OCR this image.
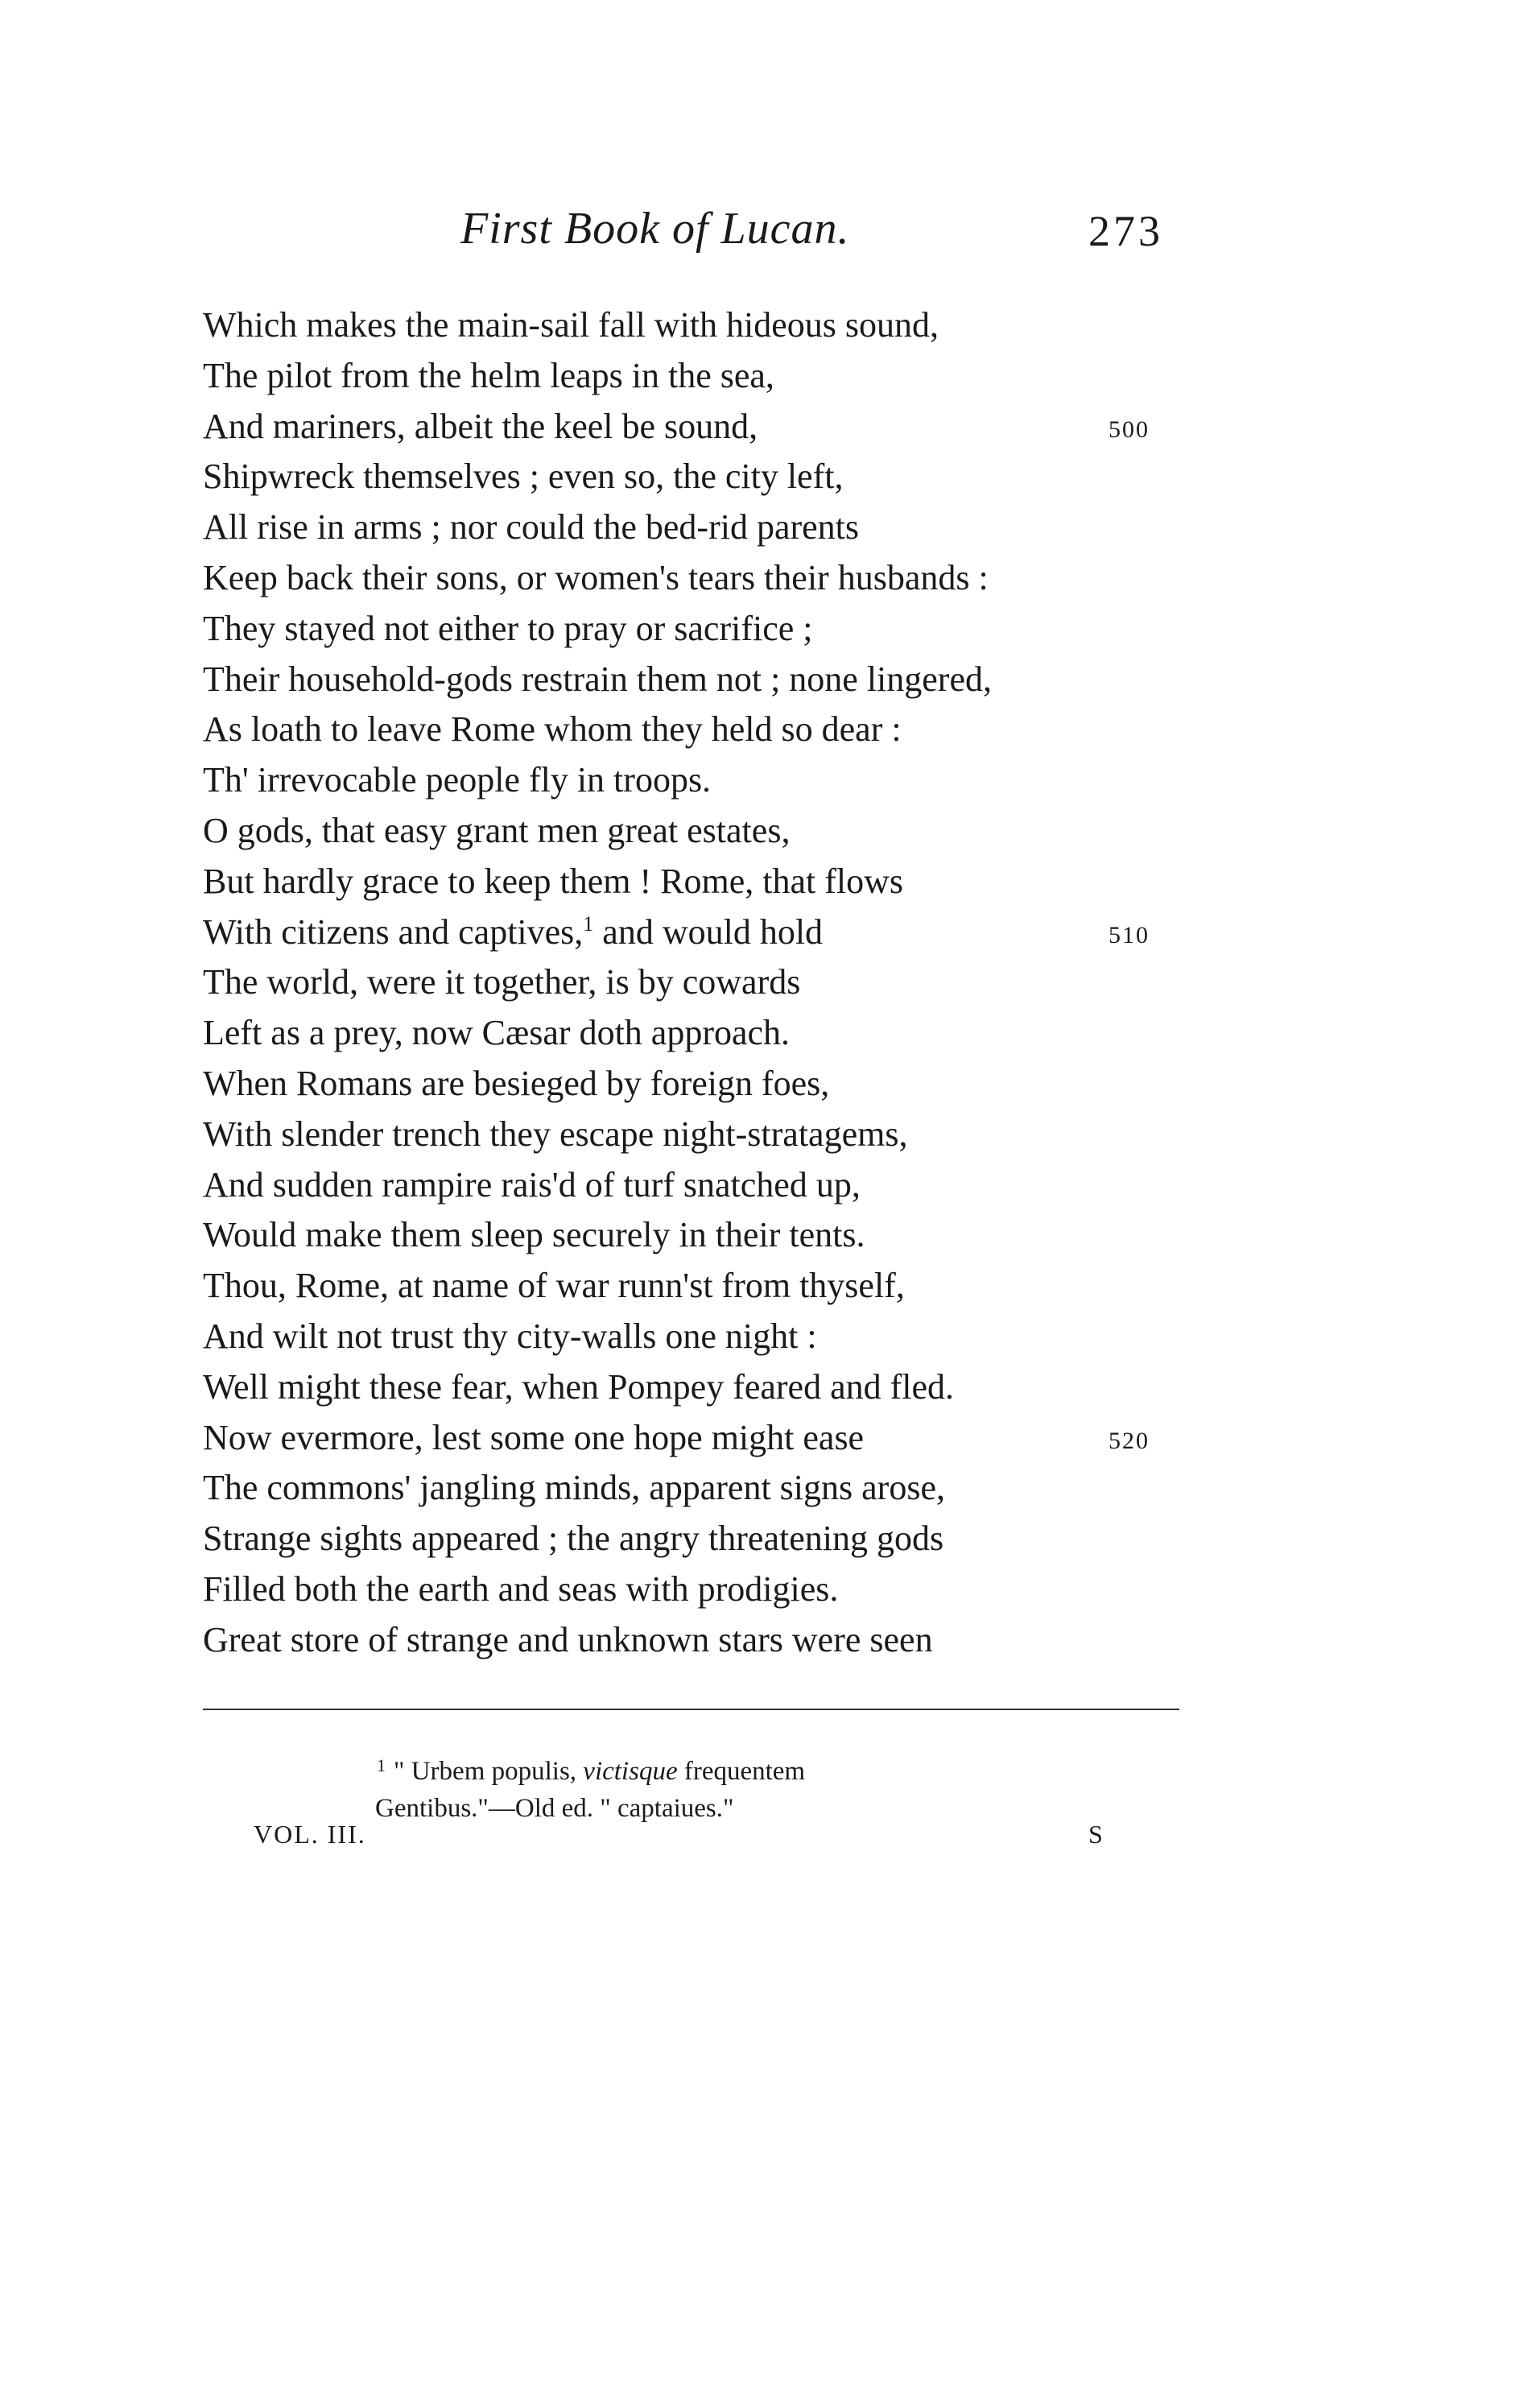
First Book of Lucan.	273
Which makes the main-sail fall with hideous sound,
The pilot from the helm leaps in the sea,
And mariners, albeit the keel be sound,	500
Shipwreck themselves ; even so, the city left,
All rise in arms ; nor could the bed-rid parents
Keep back their sons, or women's tears their husbands :
They stayed not either to pray or sacrifice ;
Their household-gods restrain them not ; none lingered,
As loath to leave Rome whom they held so dear :
Th' irrevocable people fly in troops.
O gods, that easy grant men great estates,
But hardly grace to keep them ! Rome, that flows
With citizens and captives,$^1$ and would hold	510
The world, were it together, is by cowards
Left as a prey, now Cæsar doth approach.
When Romans are besieged by foreign foes,
With slender trench they escape night-stratagems,
And sudden rampire rais'd of turf snatched up,
Would make them sleep securely in their tents.
Thou, Rome, at name of war runn'st from thyself,
And wilt not trust thy city-walls one night :
Well might these fear, when Pompey feared and fled.
Now evermore, lest some one hope might ease	520
The commons' jangling minds, apparent signs arose,
Strange sights appeared ; the angry threatening gods
Filled both the earth and seas with prodigies.
Great store of strange and unknown stars were seen
$^1$ " Urbem populis, victisque frequentem
Gentibus."—Old ed. " captaiues."
VOL. III.	S
